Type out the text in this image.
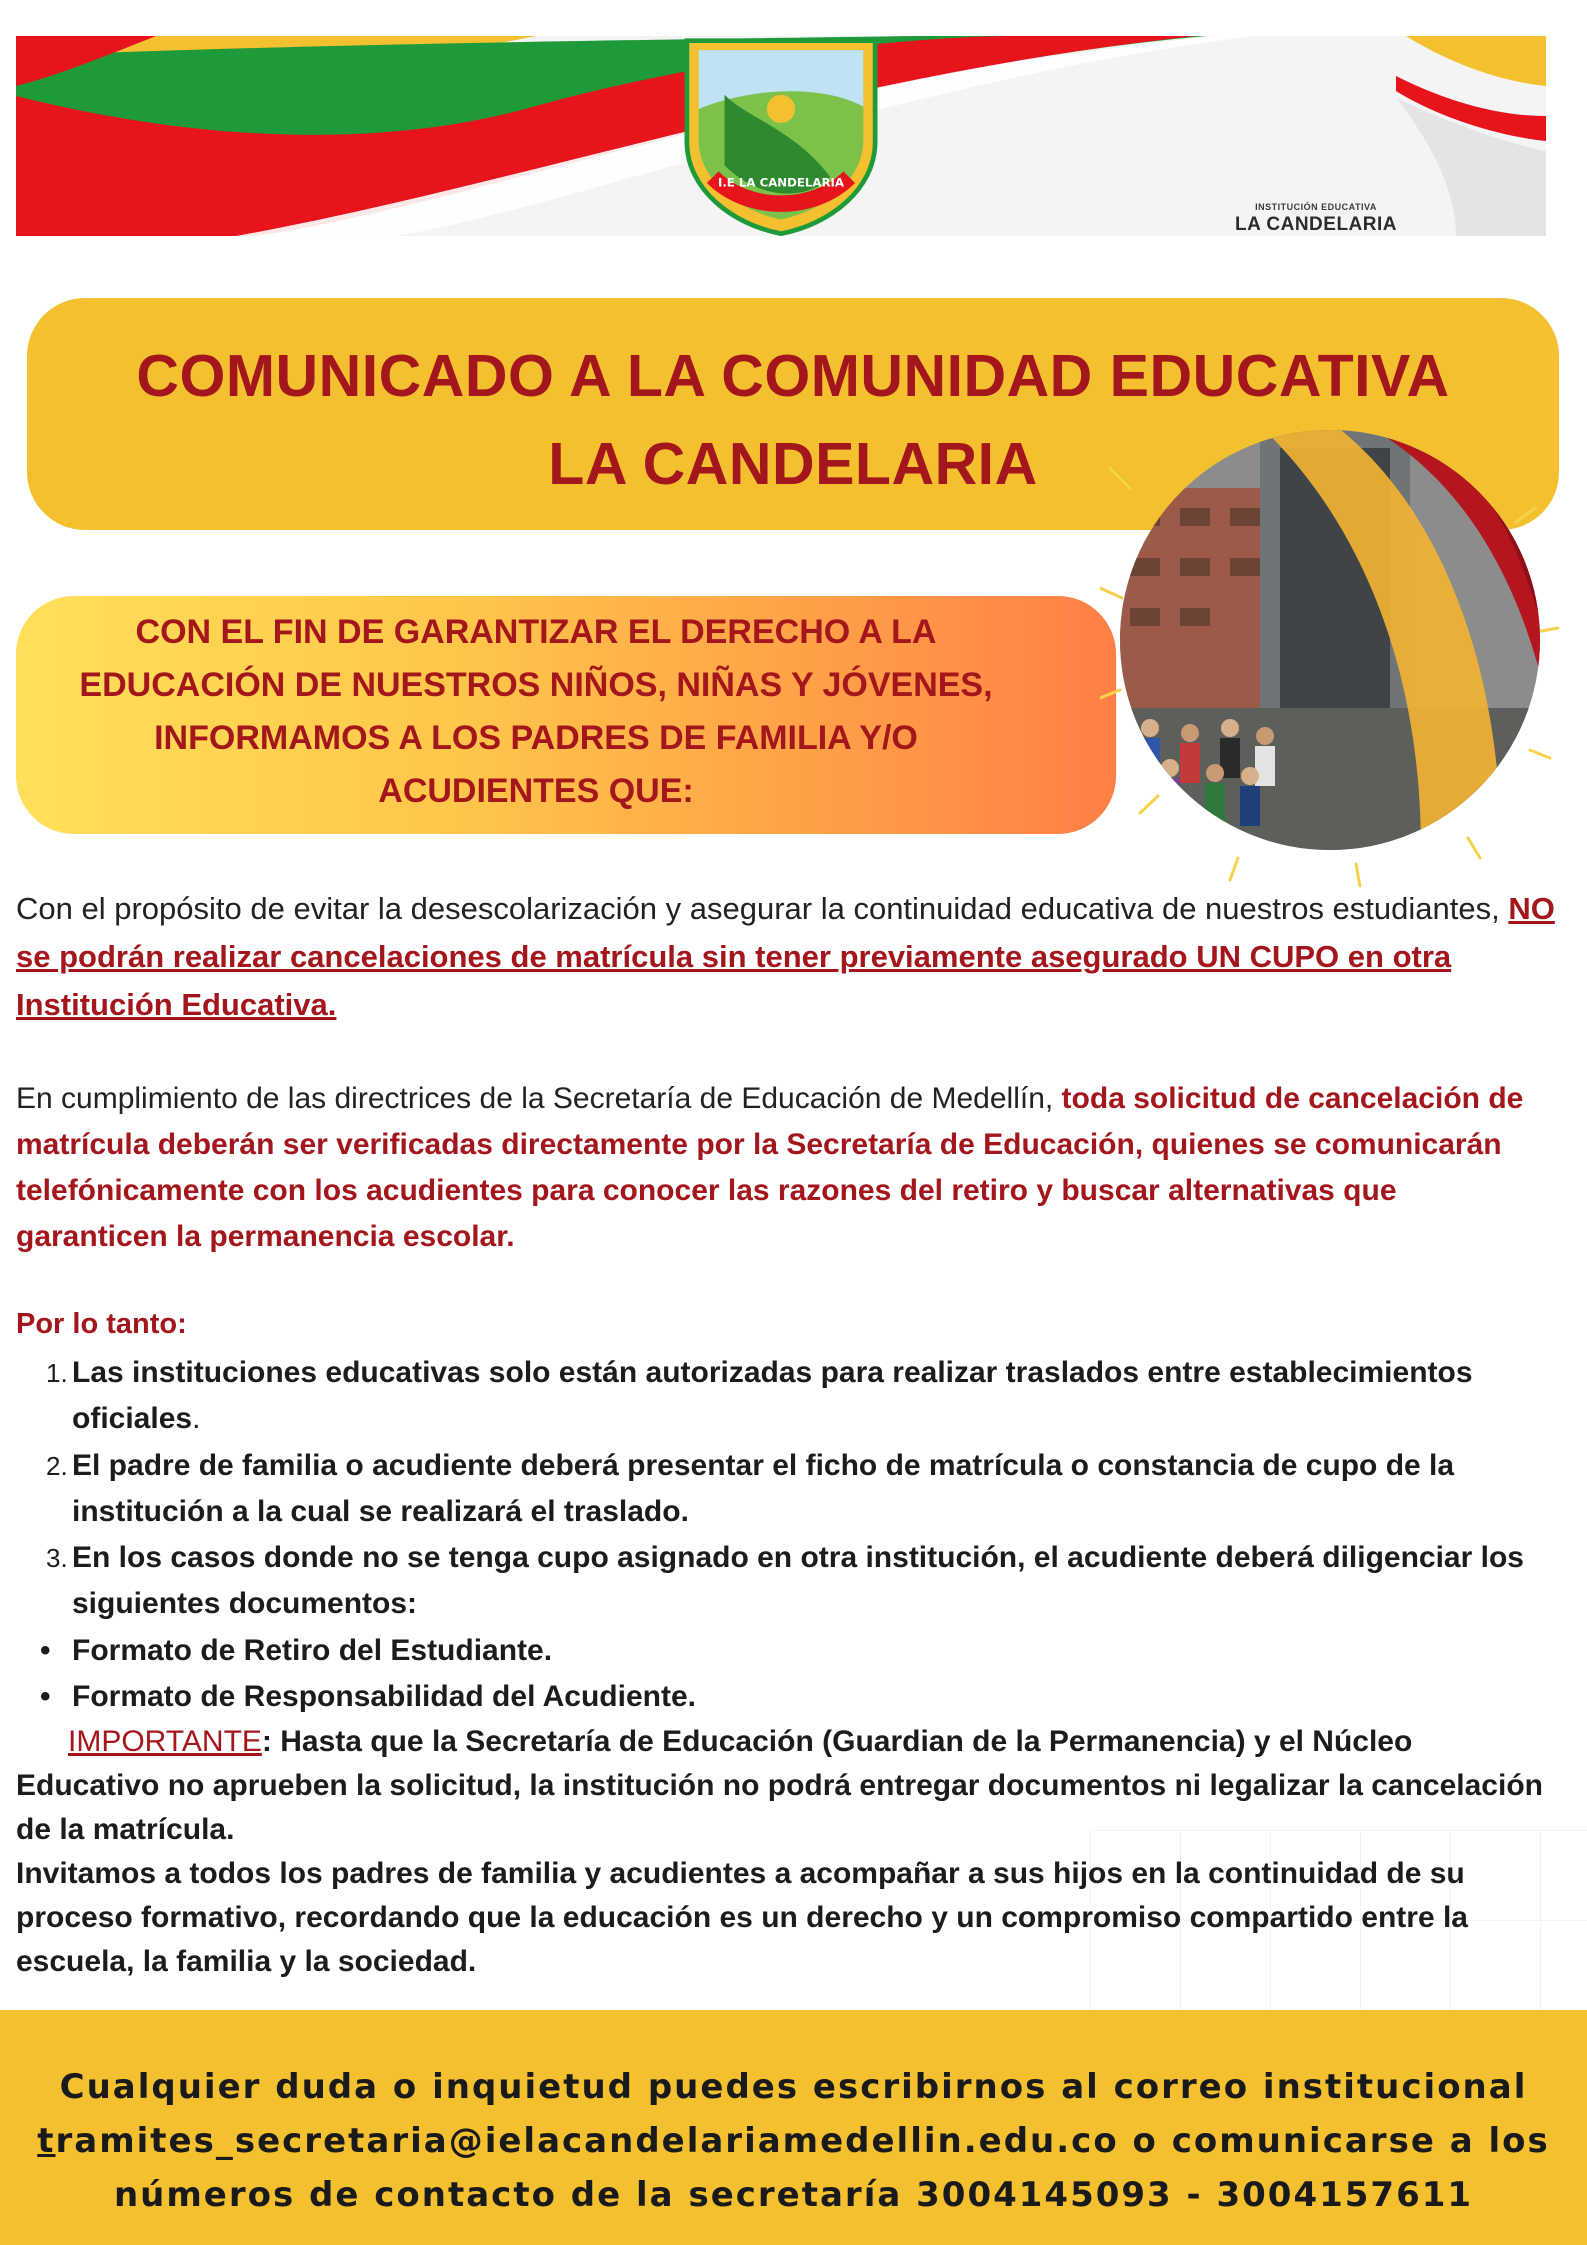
I.E LA CANDELARIA
INSTITUCIÓN EDUCATIVA
LA CANDELARIA
COMUNICADO A LA COMUNIDAD EDUCATIVA
LA CANDELARIA
CON EL FIN DE GARANTIZAR EL DERECHO A LA
EDUCACIÓN DE NUESTROS NIÑOS, NIÑAS Y JÓVENES,
INFORMAMOS A LOS PADRES DE FAMILIA Y/O
ACUDIENTES QUE:
Con el propósito de evitar la desescolarización y asegurar la continuidad educativa de nuestros estudiantes, NO se podrán realizar cancelaciones de matrícula sin tener previamente asegurado UN CUPO en otra Institución Educativa.
En cumplimiento de las directrices de la Secretaría de Educación de Medellín, toda solicitud de cancelación de matrícula deberán ser verificadas directamente por la Secretaría de Educación, quienes se comunicarán telefónicamente con los acudientes para conocer las razones del retiro y buscar alternativas que garanticen la permanencia escolar.
Por lo tanto:
1. Las instituciones educativas solo están autorizadas para realizar traslados entre establecimientos oficiales.
2. El padre de familia o acudiente deberá presentar el ficho de matrícula o constancia de cupo de la institución a la cual se realizará el traslado.
3. En los casos donde no se tenga cupo asignado en otra institución, el acudiente deberá diligenciar los siguientes documentos:
• Formato de Retiro del Estudiante.
• Formato de Responsabilidad del Acudiente.
IMPORTANTE: Hasta que la Secretaría de Educación (Guardian de la Permanencia) y el Núcleo Educativo no aprueben la solicitud, la institución no podrá entregar documentos ni legalizar la cancelación de la matrícula.
Invitamos a todos los padres de familia y acudientes a acompañar a sus hijos en la continuidad de su proceso formativo, recordando que la educación es un derecho y un compromiso compartido entre la escuela, la familia y la sociedad.
Cualquier duda o inquietud puedes escribirnos al correo institucional
tramites_secretaria@ielacandelariamedellin.edu.co o comunicarse a los
números de contacto de la secretaría 3004145093 - 3004157611
